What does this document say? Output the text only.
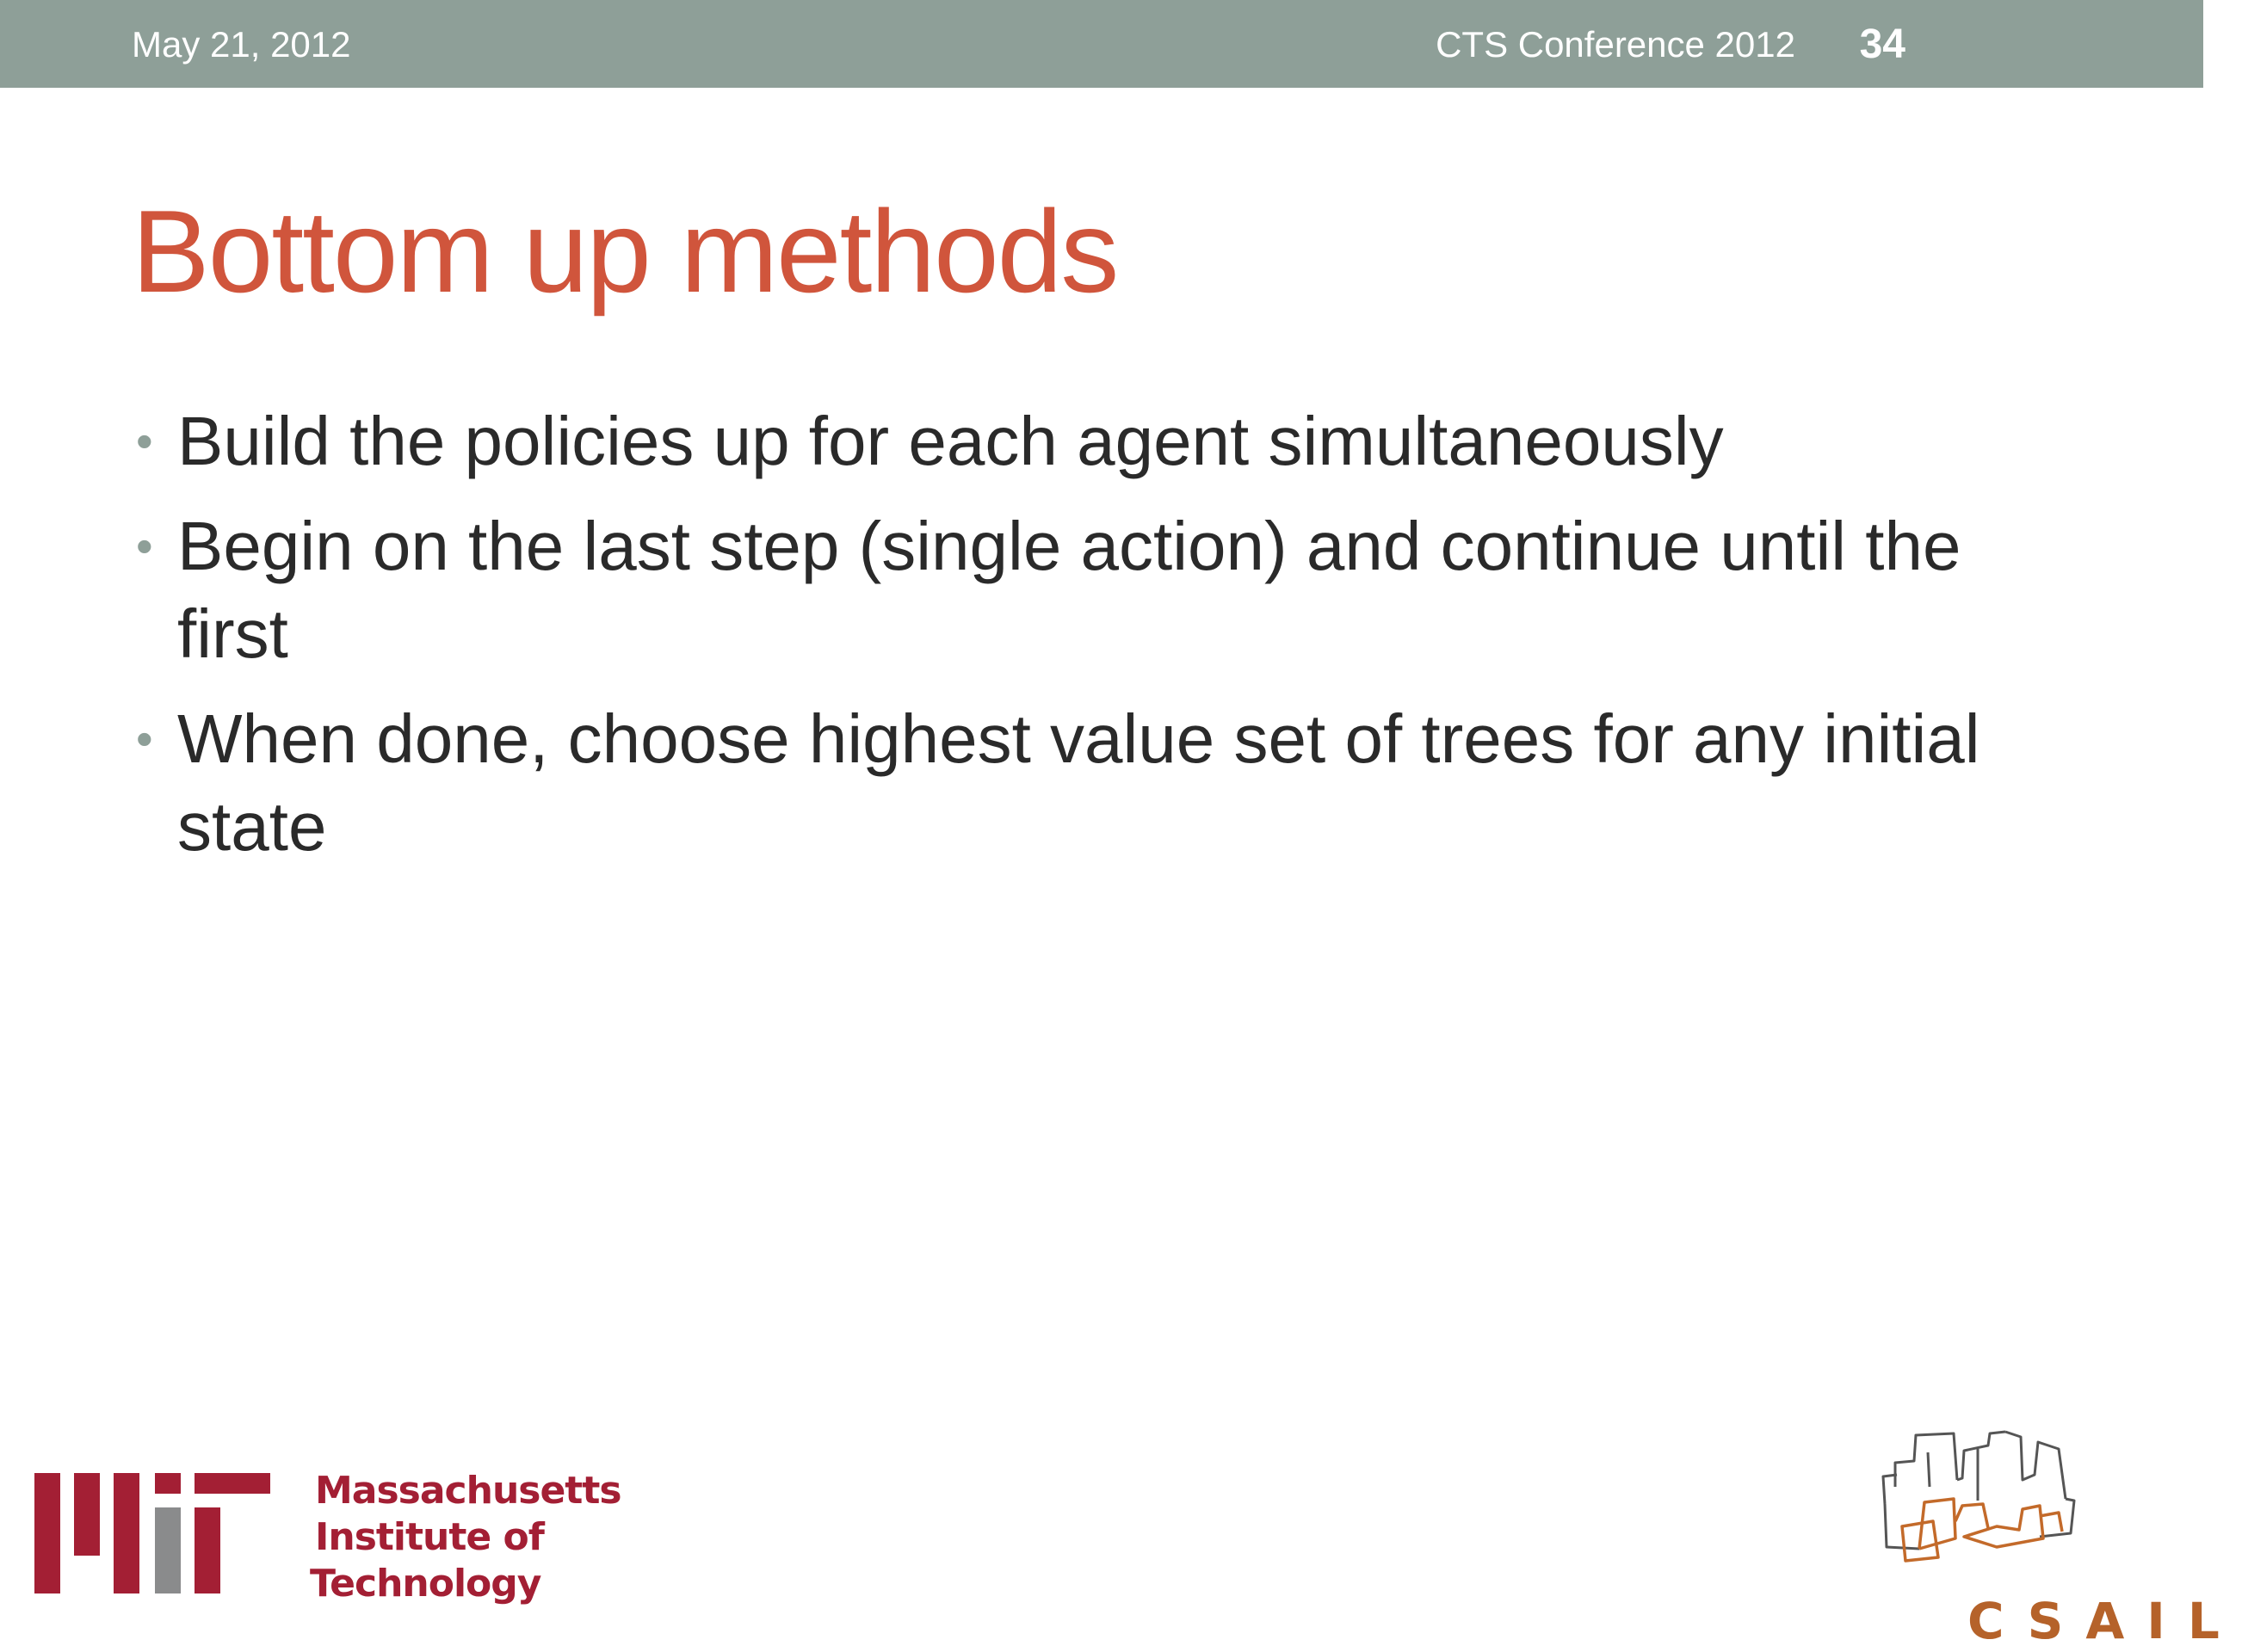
May 21, 2012	CTS Conference 2012 34
Bottom up methods
• Build the policies up for each agent simultaneously
• Begin on the last step (single action) and continue until the first
• When done, choose highest value set of trees for any initial state
Massachusetts
Institute of
Technology
CSAIL
